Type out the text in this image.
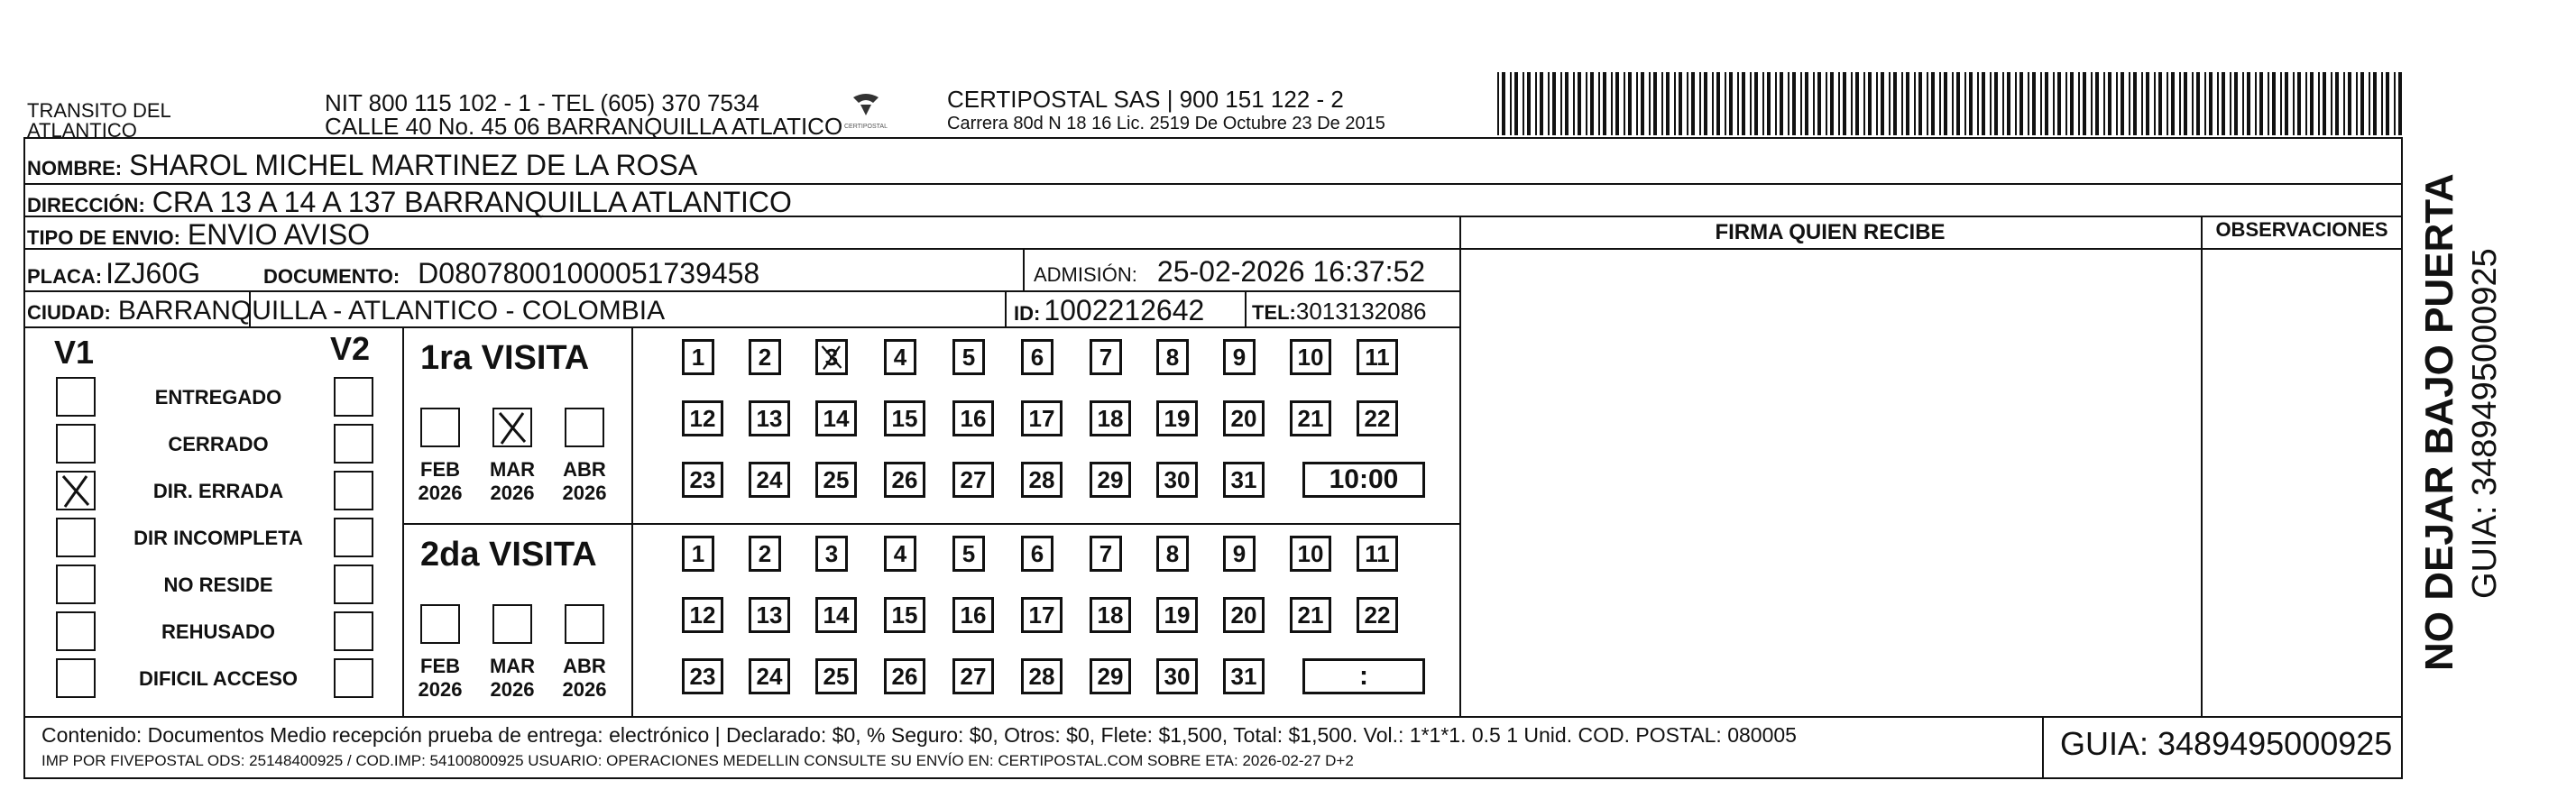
TRANSITO DEL
ATLANTICO
NIT 800 115 102 - 1 - TEL (605) 370 7534
CALLE 40 No. 45 06 BARRANQUILLA ATLATICO CERTIPOSTAL
CERTIPOSTAL SAS | 900 151 122 - 2
Carrera 80d N 18 16 Lic. 2519 De Octubre 23 De 2015
NOMBRE: SHAROL MICHEL MARTINEZ DE LA ROSA
DIRECCIÓN: CRA 13 A 14 A 137 BARRANQUILLA ATLANTICO
TIPO DE ENVIO: ENVIO AVISO
PLACA: IZJ60G	DOCUMENTO: D08078001000051739458	ADMISIÓN: 25-02-2026 16:37:52
CIUDAD: BARRANQUILLA - ATLANTICO - COLOMBIA	ID: 1002212642 TEL: 3013132086
FIRMA QUIEN RECIBE	OBSERVACIONES
V1	V2
ENTREGADO
CERRADO
DIR. ERRADA
DIR INCOMPLETA
NO RESIDE
REHUSADO
DIFICIL ACCESO
1ra VISITA
FEB
2026
MAR
2026
ABR
2026
1	2	3	4	5	6	7	8	9	10	11
12	13	14	15	16	17	18	19	20	21	22
23	24	25	26	27	28	29	30	31	10:00
2da VISITA
FEB
2026
MAR
2026
ABR
2026
1	2	3	4	5	6	7	8	9	10	11
12	13	14	15	16	17	18	19	20	21	22
23	24	25	26	27	28	29	30	31	:
Contenido: Documentos Medio recepción prueba de entrega: electrónico | Declarado: $0, % Seguro: $0, Otros: $0, Flete: $1,500, Total: $1,500. Vol.: 1*1*1. 0.5 1 Unid. COD. POSTAL: 080005
IMP POR FIVEPOSTAL ODS: 25148400925 / COD.IMP: 54100800925 USUARIO: OPERACIONES MEDELLIN CONSULTE SU ENVÍO EN: CERTIPOSTAL.COM SOBRE ETA: 2026-02-27 D+2	GUIA: 3489495000925
NO DEJAR BAJO PUERTA GUIA: 3489495000925
